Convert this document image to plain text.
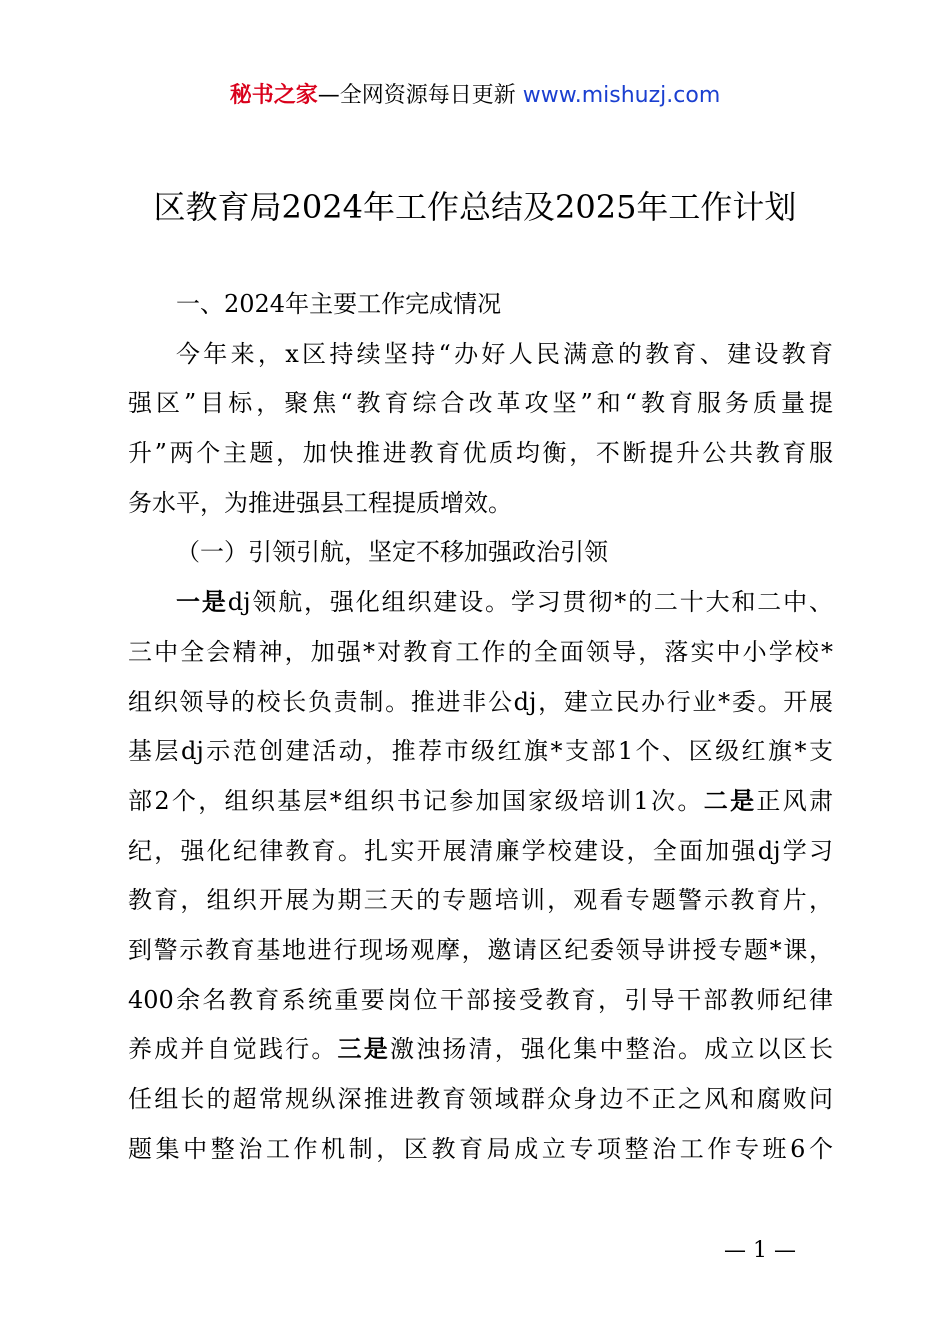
秘书之家—全网资源每日更新 www.mishuzj.com
区教育局2024年工作总结及2025年工作计划
一、2024年主要工作完成情况
今年来，x区持续坚持“办好人民满意的教育、建设教育
强区”目标，聚焦“教育综合改革攻坚”和“教育服务质量提
升”两个主题，加快推进教育优质均衡，不断提升公共教育服
务水平，为推进强县工程提质增效。
（一）引领引航，坚定不移加强政治引领
一是dj领航，强化组织建设。学习贯彻*的二十大和二中、
三中全会精神，加强*对教育工作的全面领导，落实中小学校*
组织领导的校长负责制。推进非公dj，建立民办行业*委。开展
基层dj示范创建活动，推荐市级红旗*支部1个、区级红旗*支
部2个，组织基层*组织书记参加国家级培训1次。二是正风肃
纪，强化纪律教育。扎实开展清廉学校建设，全面加强dj学习
教育，组织开展为期三天的专题培训，观看专题警示教育片，
到警示教育基地进行现场观摩，邀请区纪委领导讲授专题*课，
400余名教育系统重要岗位干部接受教育，引导干部教师纪律
养成并自觉践行。三是激浊扬清，强化集中整治。成立以区长
任组长的超常规纵深推进教育领域群众身边不正之风和腐败问
题集中整治工作机制，区教育局成立专项整治工作专班6个
— 1 —
